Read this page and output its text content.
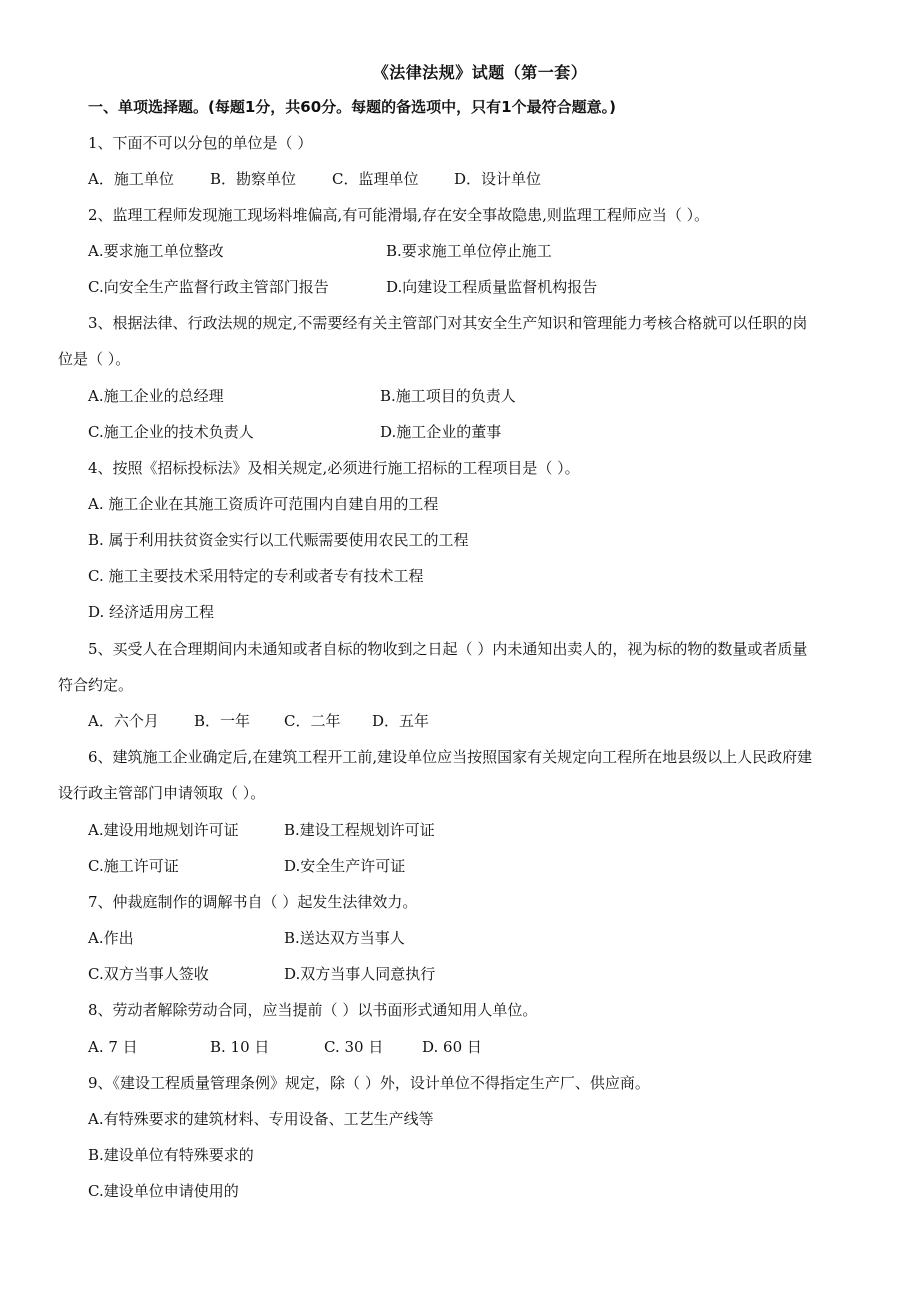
《法律法规》试题（第一套）
一、单项选择题。(每题1分，共60分。每题的备选项中，只有1个最符合题意。)
1、下面不可以分包的单位是（ ）
A．施工单位 B．勘察单位 C．监理单位 D．设计单位
2、监理工程师发现施工现场料堆偏高,有可能滑塌,存在安全事故隐患,则监理工程师应当（ ）。
A.要求施工单位整改	B.要求施工单位停止施工
C.向安全生产监督行政主管部门报告	D.向建设工程质量监督机构报告
3、根据法律、行政法规的规定,不需要经有关主管部门对其安全生产知识和管理能力考核合格就可以任职的岗
位是（ ）。
A.施工企业的总经理	B.施工项目的负责人
C.施工企业的技术负责人	D.施工企业的董事
4、按照《招标投标法》及相关规定,必须进行施工招标的工程项目是（ ）。
A. 施工企业在其施工资质许可范围内自建自用的工程
B. 属于利用扶贫资金实行以工代赈需要使用农民工的工程
C. 施工主要技术采用特定的专利或者专有技术工程
D. 经济适用房工程
5、买受人在合理期间内未通知或者自标的物收到之日起（ ）内未通知出卖人的，视为标的物的数量或者质量
符合约定。
A．六个月 B．一年 C．二年 D．五年
6、建筑施工企业确定后,在建筑工程开工前,建设单位应当按照国家有关规定向工程所在地县级以上人民政府建
设行政主管部门申请领取（ ）。
A.建设用地规划许可证	B.建设工程规划许可证
C.施工许可证	D.安全生产许可证
7、仲裁庭制作的调解书自（ ）起发生法律效力。
A.作出	B.送达双方当事人
C.双方当事人签收	D.双方当事人同意执行
8、劳动者解除劳动合同，应当提前（ ）以书面形式通知用人单位。
A. 7 日	B. 10 日	C. 30 日	D. 60 日
9、《建设工程质量管理条例》规定，除（ ）外，设计单位不得指定生产厂、供应商。
A.有特殊要求的建筑材料、专用设备、工艺生产线等
B.建设单位有特殊要求的
C.建设单位申请使用的
